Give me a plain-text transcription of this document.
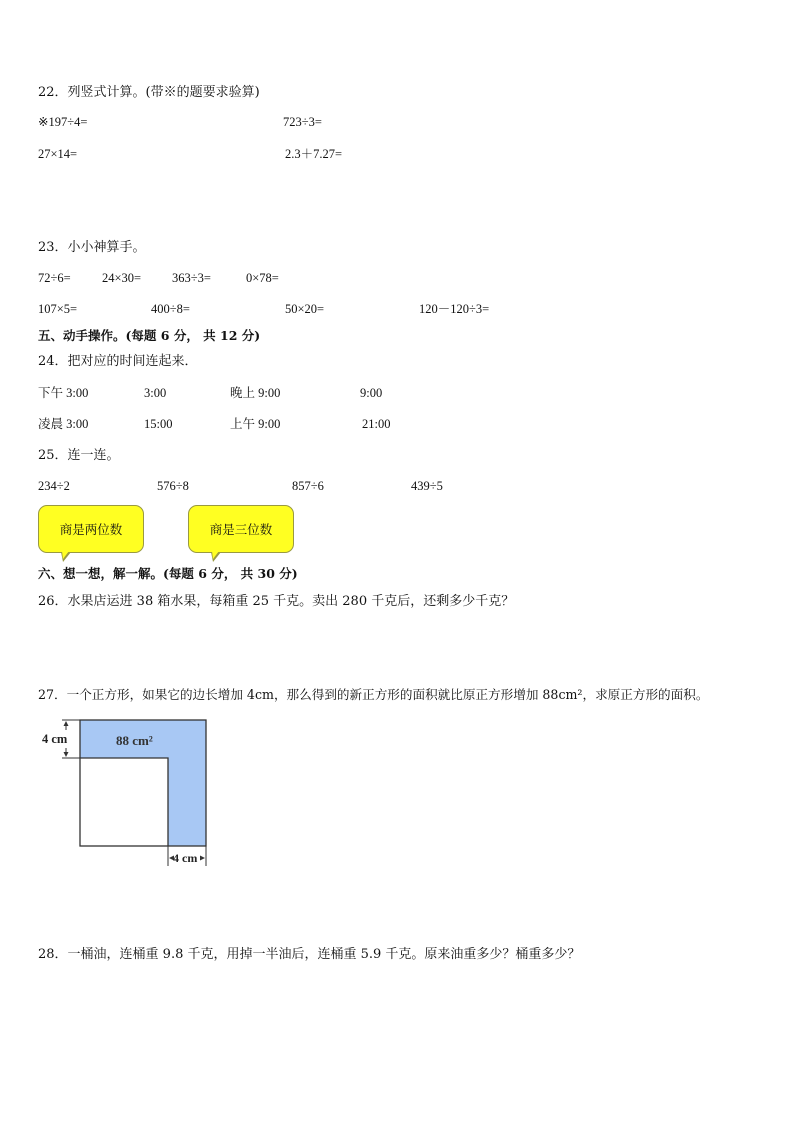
22．列竖式计算。(带※的题要求验算)
※197÷4=	723÷3=
27×14=	2.3＋7.27=
23．小小神算手。
72÷6=	24×30= 363÷3=	0×78=
107×5=	400÷8=	50×20=	120－120÷3=
五、动手操作。(每题 6 分， 共 12 分)
24．把对应的时间连起来．
下午 3:00	3:00	晚上 9:00	9:00
凌晨 3:00	15:00	上午 9:00	21:00
25．连一连。
234÷2	576÷8	857÷6	439÷5
商是两位数	商是三位数
六、想一想，解一解。(每题 6 分， 共 30 分)
26．水果店运进 38 箱水果，每箱重 25 千克。卖出 280 千克后，还剩多少千克？
27．一个正方形，如果它的边长增加 4cm，那么得到的新正方形的面积就比原正方形增加 88cm²，求原正方形的面积。
4 cm	88 cm²
4 cm
28．一桶油，连桶重 9.8 千克，用掉一半油后，连桶重 5.9 千克。原来油重多少？桶重多少？
